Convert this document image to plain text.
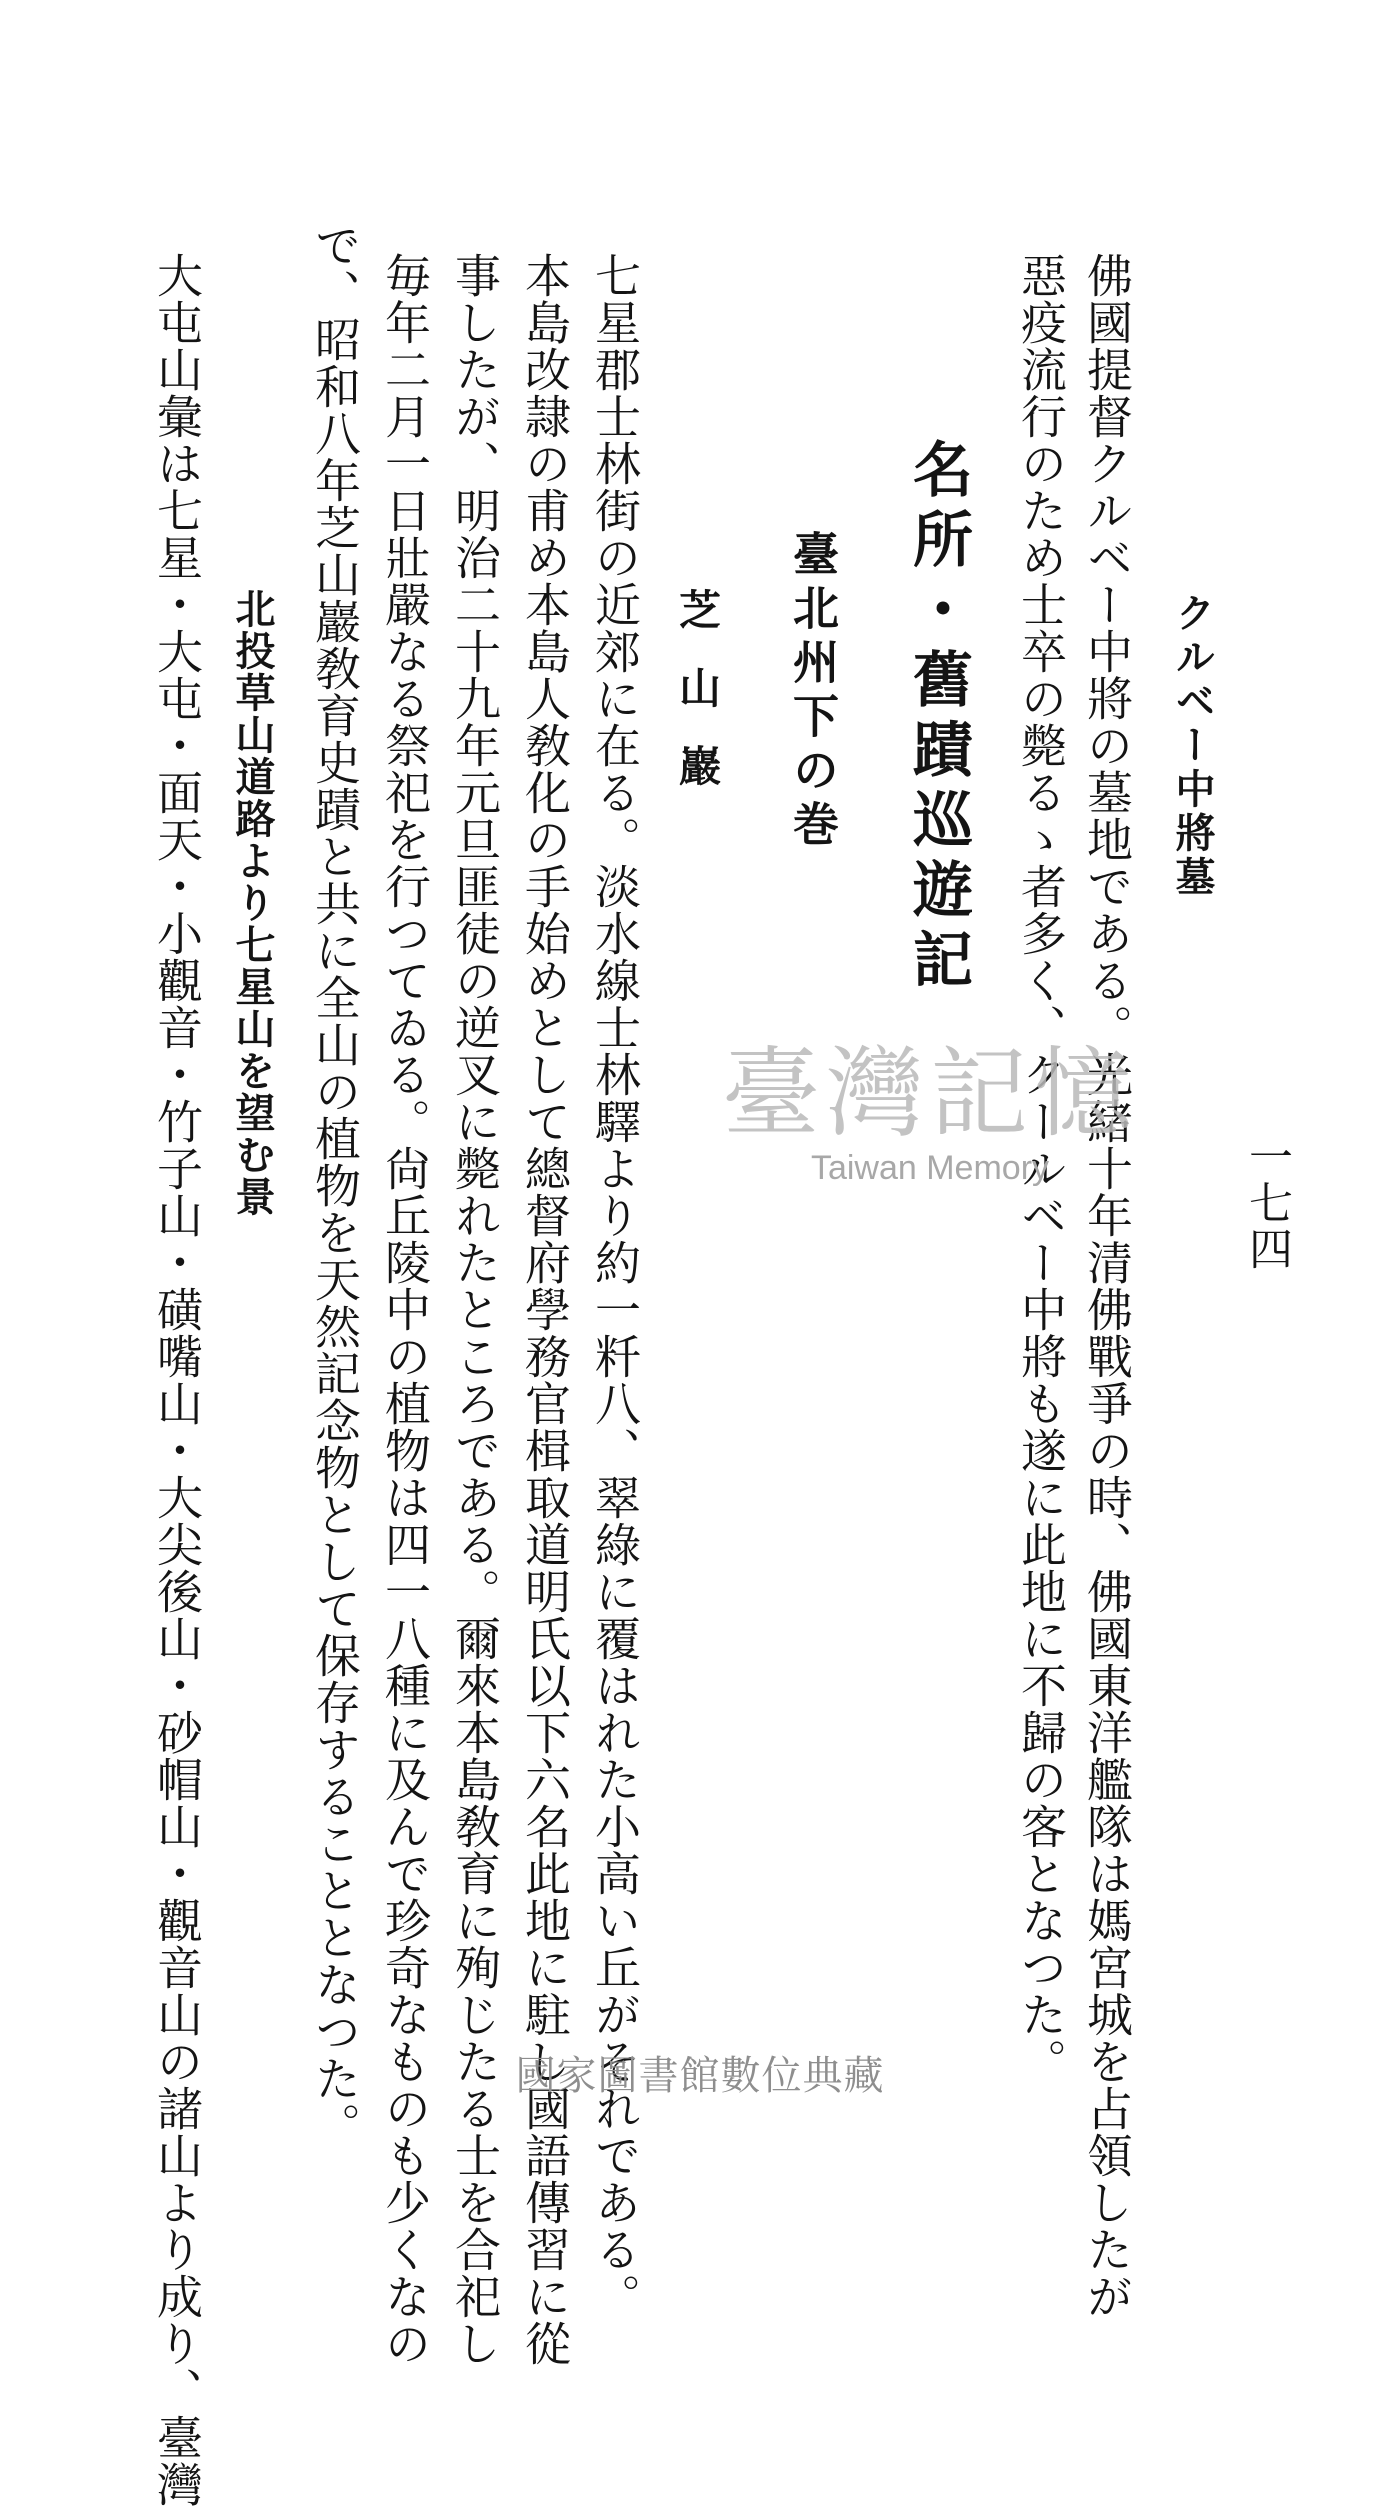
一七四
クルベー中將墓
佛國提督クルベー中將の墓地である。光緒十年清佛戰爭の時、佛國東洋艦隊は媽宮城を占領したが
惡疫流行のため士卒の斃るゝ者多く、クールベー中將も遂に此地に不歸の客となつた。
名所・舊蹟巡遊記
臺北州下の巻
芝山巖
七星郡士林街の近郊に在る。淡水線士林驛より約一粁八、翠綠に覆はれた小高い丘がそれである。
本島改隷の甫め本島人敎化の手始めとして總督府學務官楫取道明氏以下六名此地に駐し國語傳習に從
事したが、明治二十九年元旦匪徒の逆叉に斃れたところである。爾來本島敎育に殉じたる士を合祀し
毎年二月一日壯嚴なる祭祀を行つてゐる。尙丘陵中の植物は四一八種に及んで珍奇なものも少くなの
で、昭和八年芝山巖敎育史蹟と共に全山の植物を天然記念物として保存することとなつた。
北投草山道路より七星山を望む景
大屯山彙は七星・大屯・面天・小觀音・竹子山・磺嘴山・大尖後山・砂帽山・觀音山の諸山より成り、臺灣	臺灣記憶
Taiwan Memory
國家圖書館數位典藏
